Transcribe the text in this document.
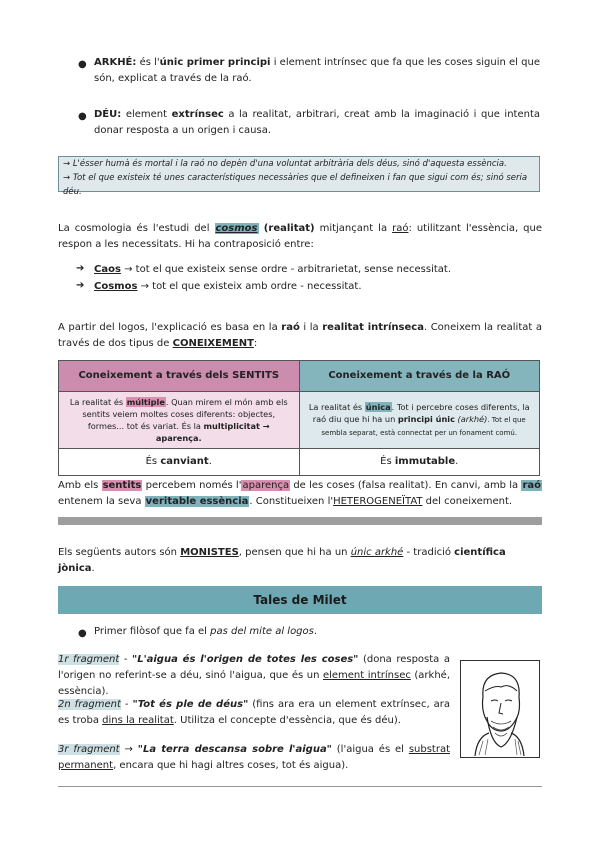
● ARKHÉ: és l'únic primer principi i element intrínsec que fa que les coses siguin el que són, explicat a través de la raó.
● DÉU: element extrínsec a la realitat, arbitrari, creat amb la imaginació i que intenta donar resposta a un origen i causa.
→ L'ésser humà és mortal i la raó no depèn d'una voluntat arbitrària dels déus, sinó d'aquesta essència.
→ Tot el que existeix té unes característiques necessàries que el defineixen i fan que sigui com és; sinó seria déu.
La cosmologia és l'estudi del cosmos (realitat) mitjançant la raó: utilitzant l'essència, que respon a les necessitats. Hi ha contraposició entre:
➔ Caos → tot el que existeix sense ordre - arbitrarietat, sense necessitat.
➔ Cosmos → tot el que existeix amb ordre - necessitat.
A partir del logos, l'explicació es basa en la raó i la realitat intrínseca. Coneixem la realitat a través de dos tipus de CONEIXEMENT:
Coneixement a través dels SENTITS	Coneixement a través de la RAÓ
La realitat és múltiple. Quan mirem el món amb els sentits veiem moltes coses diferents: objectes, formes... tot és variat. És la multiplicitat → aparença.	La realitat és única. Tot i percebre coses diferents, la raó diu que hi ha un principi únic (arkhé). Tot el que sembla separat, està connectat per un fonament comú.
És canviant.	És immutable.
Amb els sentits percebem només l'aparença de les coses (falsa realitat). En canvi, amb la raó entenem la seva veritable essència. Constitueixen l'HETEROGENEÏTAT del coneixement.
Els següents autors són MONISTES, pensen que hi ha un únic arkhé - tradició científica jònica.
Tales de Milet
● Primer filòsof que fa el pas del mite al logos.
1r fragment - "L'aigua és l'origen de totes les coses" (dona resposta a l'origen no referint-se a déu, sinó l'aigua, que és un element intrínsec (arkhé, essència).
2n fragment - "Tot és ple de déus" (fins ara era un element extrínsec, ara es troba dins la realitat. Utilitza el concepte d'essència, que és déu).
3r fragment → "La terra descansa sobre l'aigua" (l'aigua és el substrat permanent, encara que hi hagi altres coses, tot és aigua).
